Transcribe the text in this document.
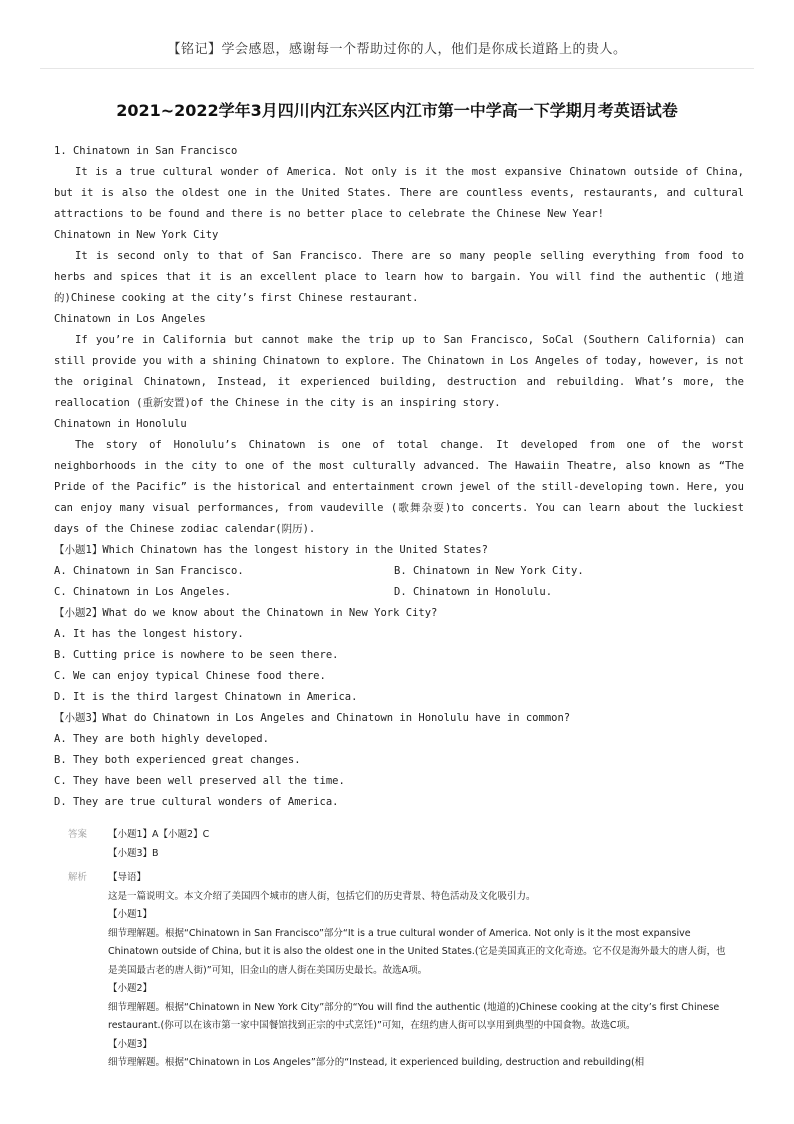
【铭记】学会感恩，感谢每一个帮助过你的人，他们是你成长道路上的贵人。
2021~2022学年3月四川内江东兴区内江市第一中学高一下学期月考英语试卷

1. Chinatown in San Francisco

It is a true cultural wonder of America. Not only is it the most expansive Chinatown outside of China, but it is also the oldest one in the United States. There are countless events, restaurants, and cultural attractions to be found and there is no better place to celebrate the Chinese New Year!

Chinatown in New York City

It is second only to that of San Francisco. There are so many people selling everything from food to herbs and spices that it is an excellent place to learn how to bargain. You will find the authentic (地道的)Chinese cooking at the city’s first Chinese restaurant.

Chinatown in Los Angeles

If you’re in California but cannot make the trip up to San Francisco, SoCal (Southern California) can still provide you with a shining Chinatown to explore. The Chinatown in Los Angeles of today, however, is not the original Chinatown, Instead, it experienced building, destruction and rebuilding. What’s more, the reallocation (重新安置)of the Chinese in the city is an inspiring story.

Chinatown in Honolulu

The story of Honolulu’s Chinatown is one of total change. It developed from one of the worst neighborhoods in the city to one of the most culturally advanced. The Hawaiin Theatre, also known as “The Pride of the Pacific” is the historical and entertainment crown jewel of the still-developing town. Here, you can enjoy many visual performances, from vaudeville (歌舞杂耍)to concerts. You can learn about the luckiest days of the Chinese zodiac calendar(阴历).

【小题1】Which Chinatown has the longest history in the United States?

A. Chinatown in San Francisco.	B. Chinatown in New York City.
C. Chinatown in Los Angeles.	D. Chinatown in Honolulu.

【小题2】What do we know about the Chinatown in New York City?

A. It has the longest history.

B. Cutting price is nowhere to be seen there.

C. We can enjoy typical Chinese food there.

D. It is the third largest Chinatown in America.

【小题3】What do Chinatown in Los Angeles and Chinatown in Honolulu have in common?

A. They are both highly developed.

B. They both experienced great changes.

C. They have been well preserved all the time.

D. They are true cultural wonders of America.

答案	【小题1】A【小题2】C

【小题3】B

解析	【导语】

这是一篇说明文。本文介绍了美国四个城市的唐人街，包括它们的历史背景、特色活动及文化吸引力。

【小题1】

细节理解题。根据“Chinatown in San Francisco”部分“It is a true cultural wonder of America. Not only is it the most expansive Chinatown outside of China, but it is also the oldest one in the United States.(它是美国真正的文化奇迹。它不仅是海外最大的唐人街，也是美国最古老的唐人街)”可知，旧金山的唐人街在美国历史最长。故选A项。

【小题2】

细节理解题。根据“Chinatown in New York City”部分的“You will find the authentic (地道的)Chinese cooking at the city’s first Chinese restaurant.(你可以在该市第一家中国餐馆找到正宗的中式烹饪)”可知，在纽约唐人街可以享用到典型的中国食物。故选C项。

【小题3】

细节理解题。根据“Chinatown in Los Angeles”部分的“Instead, it experienced building, destruction and rebuilding(相
